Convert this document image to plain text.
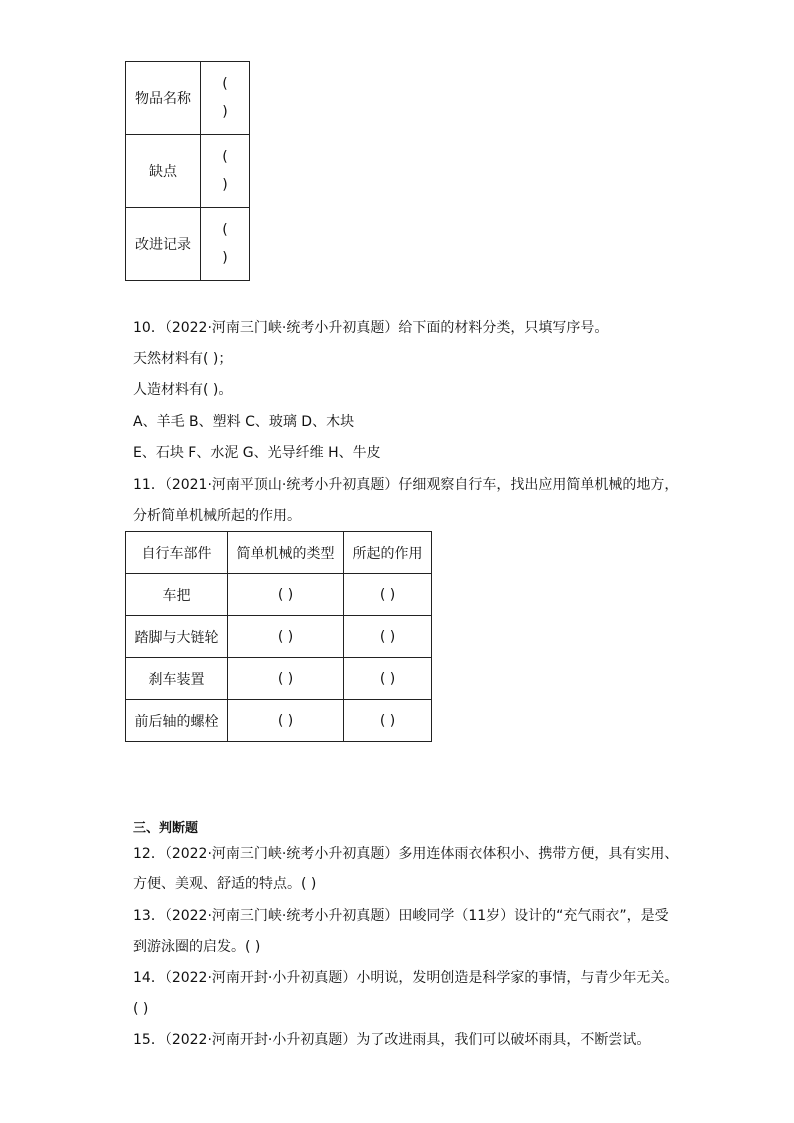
物品名称	(
)

缺点	(
)

改进记录	(
)
10．（2022·河南三门峡·统考小升初真题）给下面的材料分类，只填写序号。
天然材料有( )；
人造材料有( )。
A、羊毛 B、塑料 C、玻璃 D、木块
E、石块 F、水泥 G、光导纤维 H、牛皮
11．（2021·河南平顶山·统考小升初真题）仔细观察自行车，找出应用简单机械的地方，
分析简单机械所起的作用。
自行车部件	简单机械的类型	所起的作用
车把	( )	( )
踏脚与大链轮	( )	( )
刹车装置	( )	( )
前后轴的螺栓	( )	( )
三、判断题
12．（2022·河南三门峡·统考小升初真题）多用连体雨衣体积小、携带方便，具有实用、
方便、美观、舒适的特点。( )
13．（2022·河南三门峡·统考小升初真题）田峻同学（11岁）设计的“充气雨衣”，是受
到游泳圈的启发。( )
14．（2022·河南开封·小升初真题）小明说，发明创造是科学家的事情，与青少年无关。
( )
15．（2022·河南开封·小升初真题）为了改进雨具，我们可以破坏雨具，不断尝试。
